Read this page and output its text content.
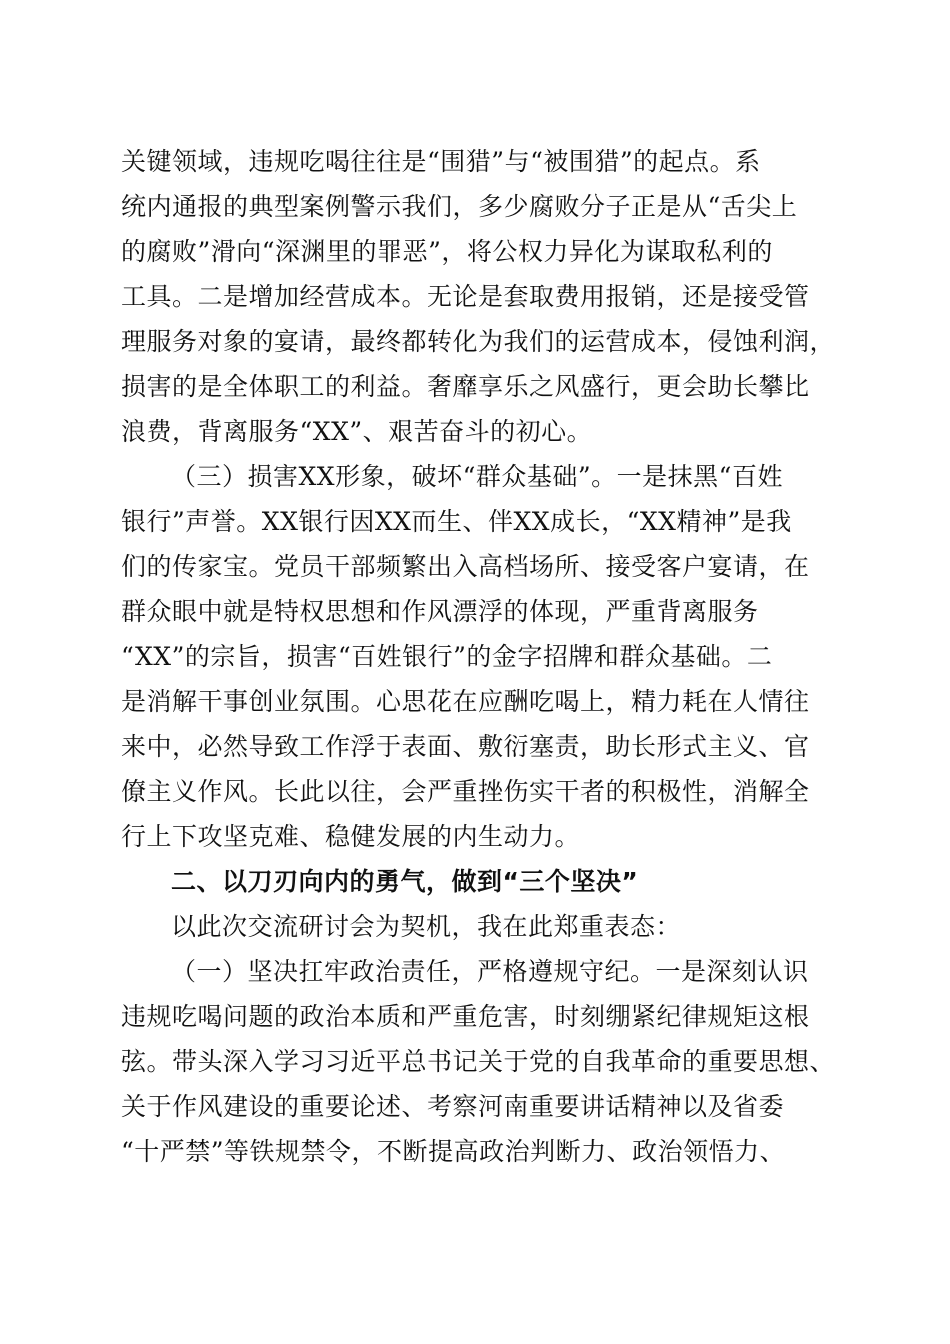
关键领域，违规吃喝往往是“围猎”与“被围猎”的起点。系
统内通报的典型案例警示我们，多少腐败分子正是从“舌尖上
的腐败”滑向“深渊里的罪恶”，将公权力异化为谋取私利的
工具。二是增加经营成本。无论是套取费用报销，还是接受管
理服务对象的宴请，最终都转化为我们的运营成本，侵蚀利润，
损害的是全体职工的利益。奢靡享乐之风盛行，更会助长攀比
浪费，背离服务“XX”、艰苦奋斗的初心。
（三）损害XX形象，破坏“群众基础”。一是抹黑“百姓
银行”声誉。XX银行因XX而生、伴XX成长，“XX精神”是我
们的传家宝。党员干部频繁出入高档场所、接受客户宴请，在
群众眼中就是特权思想和作风漂浮的体现，严重背离服务
“XX”的宗旨，损害“百姓银行”的金字招牌和群众基础。二
是消解干事创业氛围。心思花在应酬吃喝上，精力耗在人情往
来中，必然导致工作浮于表面、敷衍塞责，助长形式主义、官
僚主义作风。长此以往，会严重挫伤实干者的积极性，消解全
行上下攻坚克难、稳健发展的内生动力。
二、以刀刃向内的勇气，做到“三个坚决”
以此次交流研讨会为契机，我在此郑重表态：
（一）坚决扛牢政治责任，严格遵规守纪。一是深刻认识
违规吃喝问题的政治本质和严重危害，时刻绷紧纪律规矩这根
弦。带头深入学习习近平总书记关于党的自我革命的重要思想、
关于作风建设的重要论述、考察河南重要讲话精神以及省委
“十严禁”等铁规禁令，不断提高政治判断力、政治领悟力、
